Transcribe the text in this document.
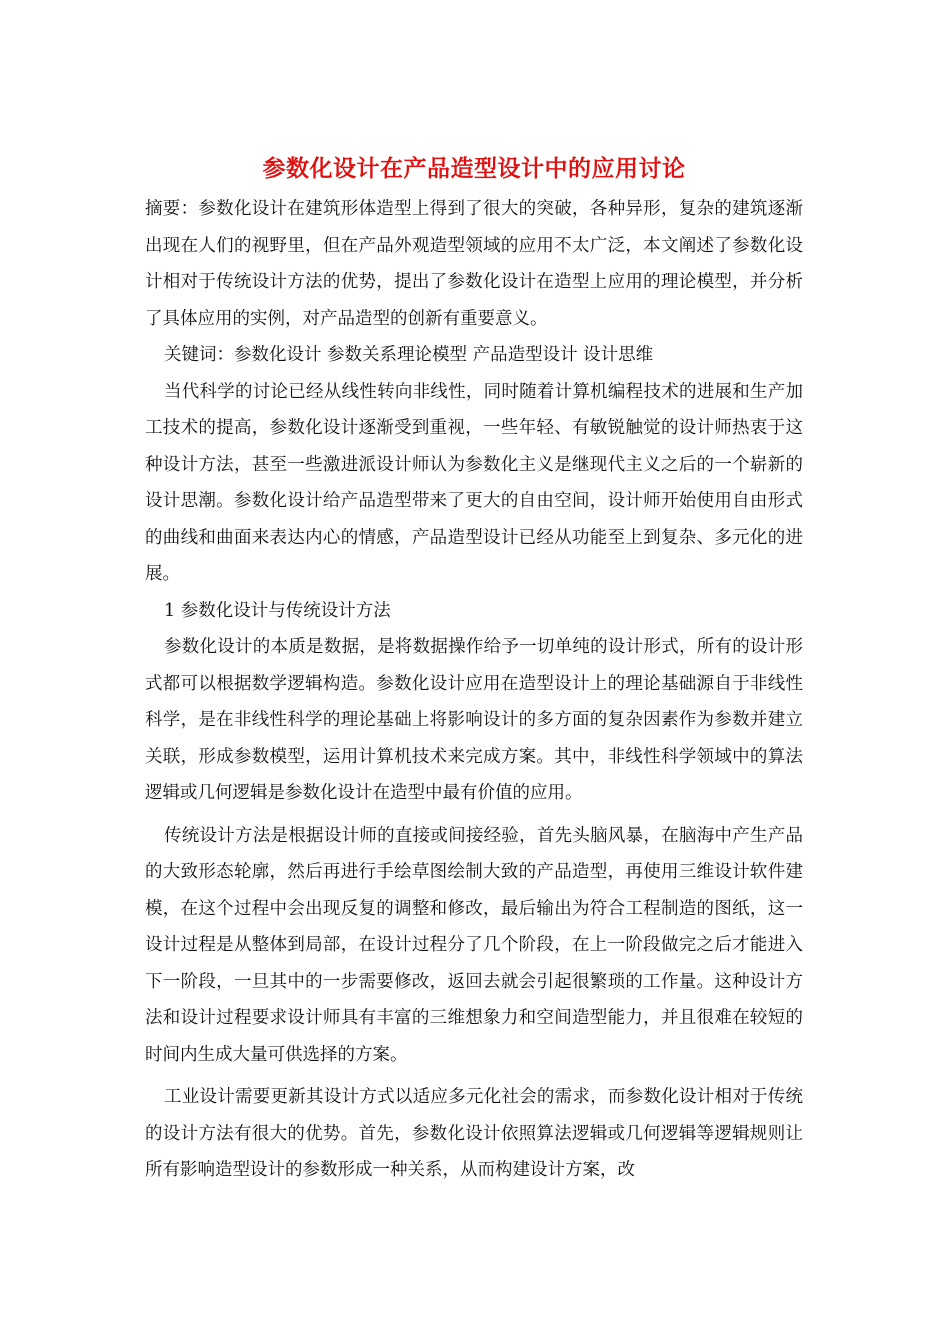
参数化设计在产品造型设计中的应用讨论

摘要：参数化设计在建筑形体造型上得到了很大的突破，各种异形，复杂的建筑逐渐出现在人们的视野里，但在产品外观造型领域的应用不太广泛，本文阐述了参数化设计相对于传统设计方法的优势，提出了参数化设计在造型上应用的理论模型，并分析了具体应用的实例，对产品造型的创新有重要意义。

关键词：参数化设计 参数关系理论模型 产品造型设计 设计思维

当代科学的讨论已经从线性转向非线性，同时随着计算机编程技术的进展和生产加工技术的提高，参数化设计逐渐受到重视，一些年轻、有敏锐触觉的设计师热衷于这种设计方法，甚至一些激进派设计师认为参数化主义是继现代主义之后的一个崭新的设计思潮。参数化设计给产品造型带来了更大的自由空间，设计师开始使用自由形式的曲线和曲面来表达内心的情感，产品造型设计已经从功能至上到复杂、多元化的进展。

1 参数化设计与传统设计方法

参数化设计的本质是数据，是将数据操作给予一切单纯的设计形式，所有的设计形式都可以根据数学逻辑构造。参数化设计应用在造型设计上的理论基础源自于非线性科学，是在非线性科学的理论基础上将影响设计的多方面的复杂因素作为参数并建立关联，形成参数模型，运用计算机技术来完成方案。其中，非线性科学领域中的算法逻辑或几何逻辑是参数化设计在造型中最有价值的应用。

传统设计方法是根据设计师的直接或间接经验，首先头脑风暴，在脑海中产生产品的大致形态轮廓，然后再进行手绘草图绘制大致的产品造型，再使用三维设计软件建模，在这个过程中会出现反复的调整和修改，最后输出为符合工程制造的图纸，这一设计过程是从整体到局部，在设计过程分了几个阶段，在上一阶段做完之后才能进入下一阶段，一旦其中的一步需要修改，返回去就会引起很繁琐的工作量。这种设计方法和设计过程要求设计师具有丰富的三维想象力和空间造型能力，并且很难在较短的时间内生成大量可供选择的方案。

工业设计需要更新其设计方式以适应多元化社会的需求，而参数化设计相对于传统的设计方法有很大的优势。首先，参数化设计依照算法逻辑或几何逻辑等逻辑规则让所有影响造型设计的参数形成一种关系，从而构建设计方案，改
